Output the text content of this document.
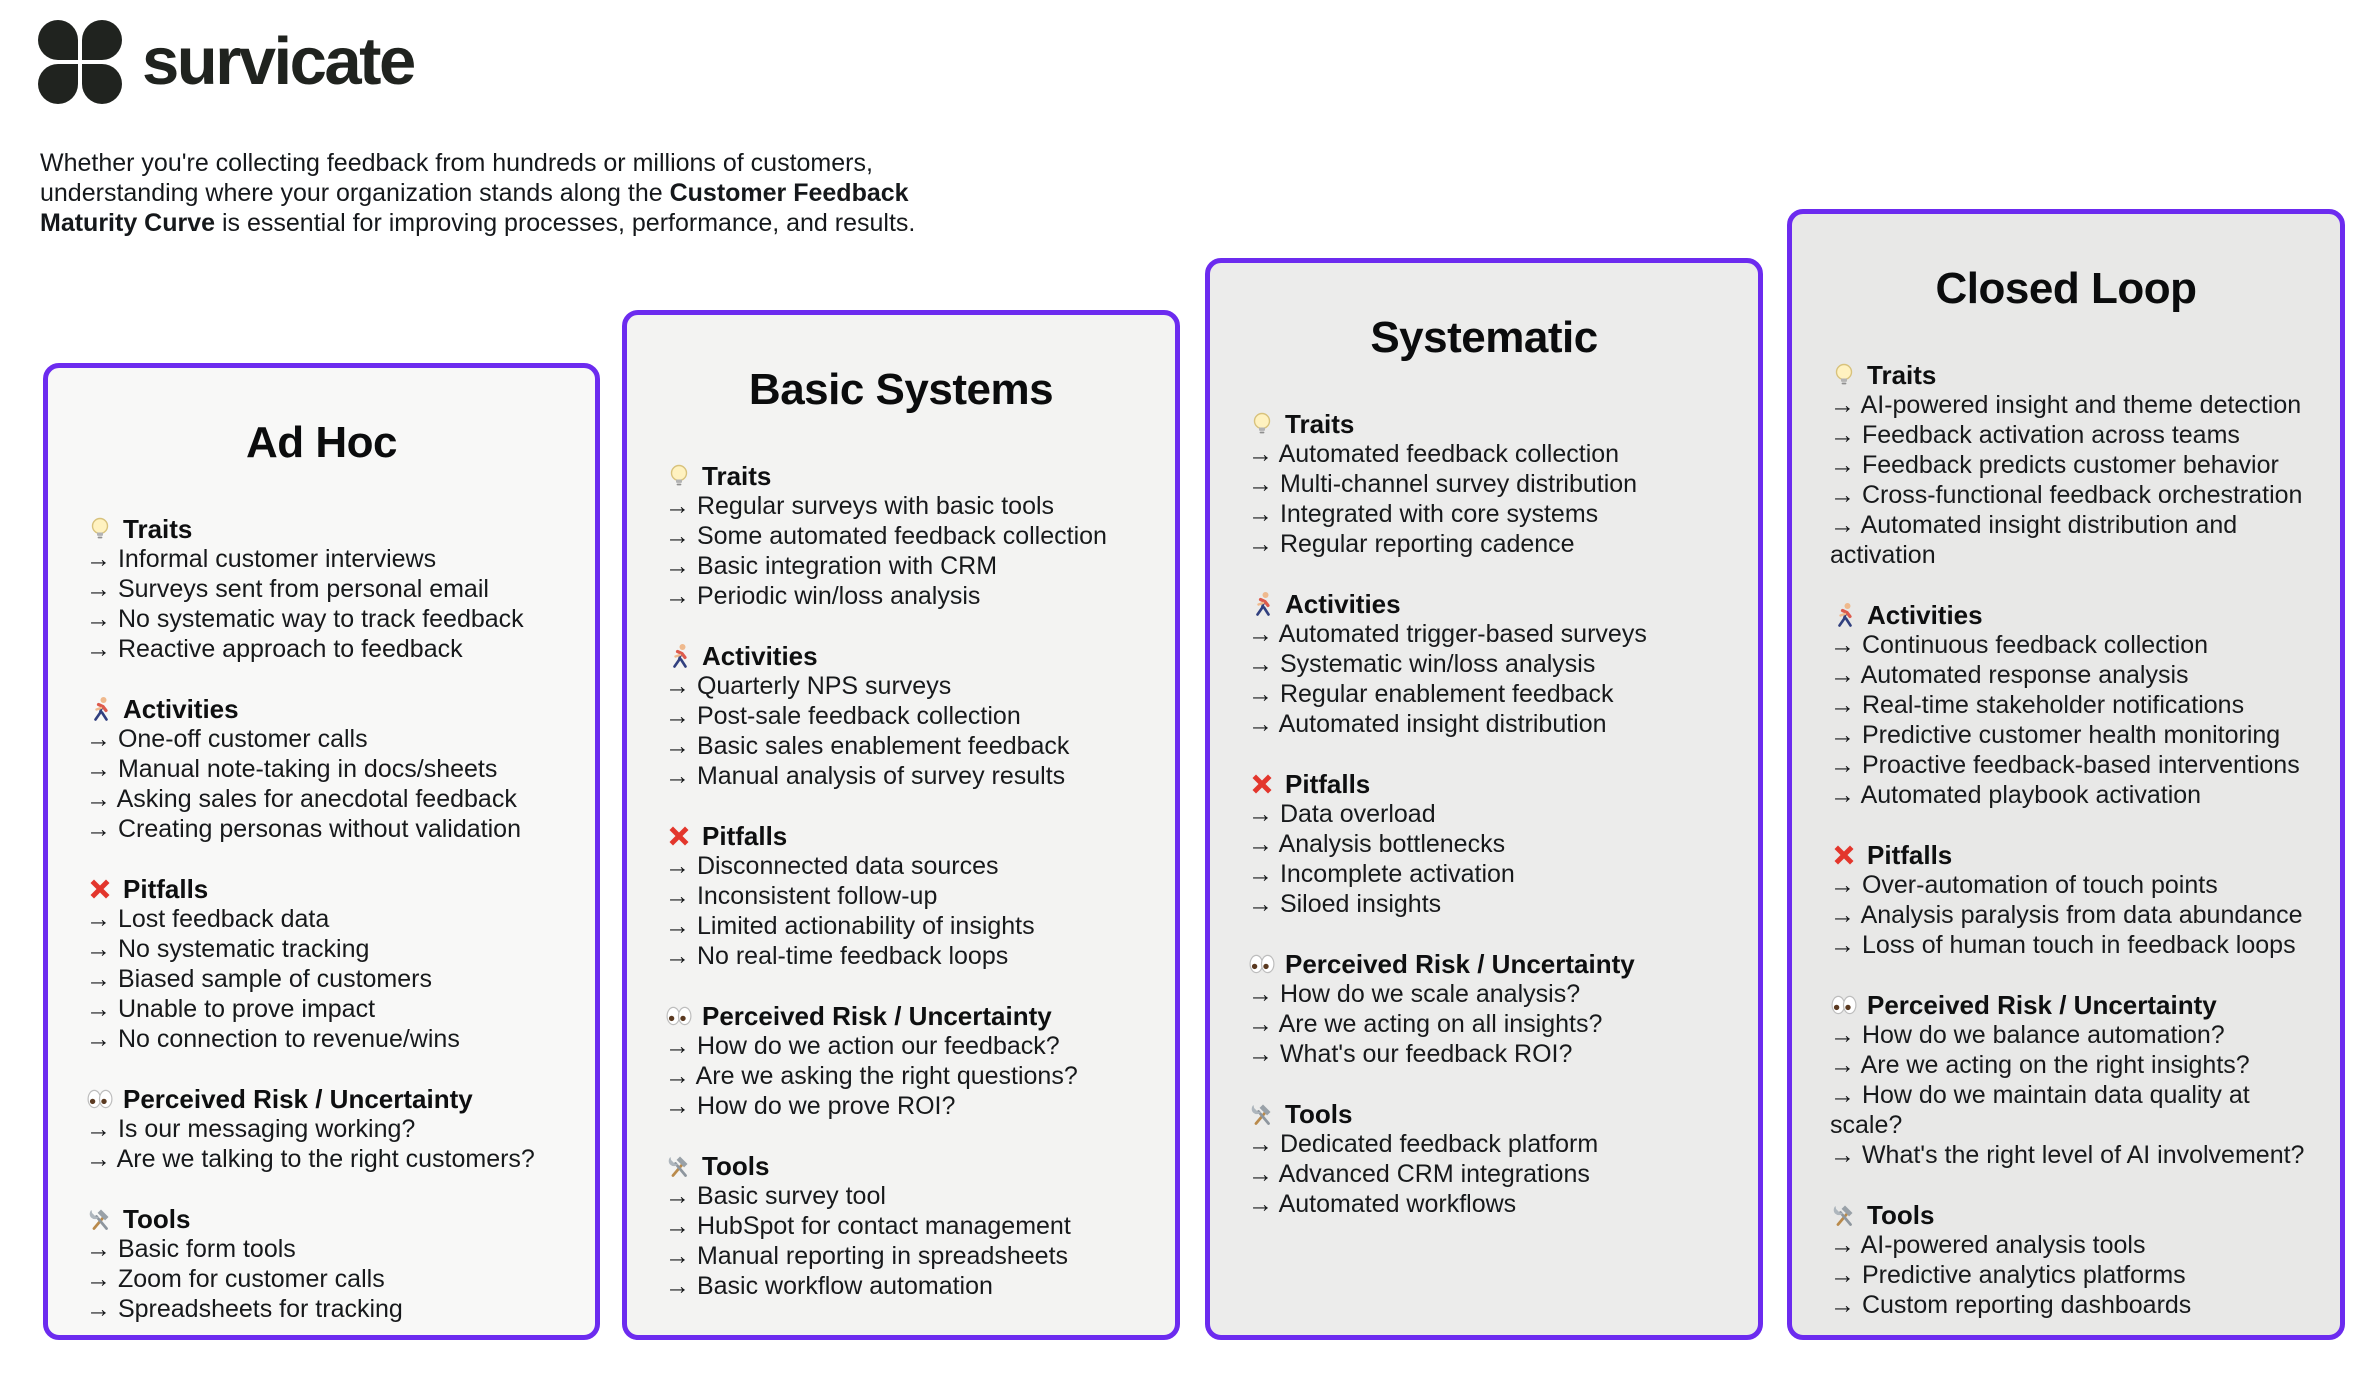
survicate

Whether you're collecting feedback from hundreds or millions of customers, understanding where your organization stands along the Customer Feedback Maturity Curve is essential for improving processes, performance, and results.

Ad Hoc
Traits
→ Informal customer interviews
→ Surveys sent from personal email
→ No systematic way to track feedback
→ Reactive approach to feedback
Activities
→ One-off customer calls
→ Manual note-taking in docs/sheets
→ Asking sales for anecdotal feedback
→ Creating personas without validation
Pitfalls
→ Lost feedback data
→ No systematic tracking
→ Biased sample of customers
→ Unable to prove impact
→ No connection to revenue/wins
Perceived Risk / Uncertainty
→ Is our messaging working?
→ Are we talking to the right customers?
Tools
→ Basic form tools
→ Zoom for customer calls
→ Spreadsheets for tracking
Basic Systems
Traits
→ Regular surveys with basic tools
→ Some automated feedback collection
→ Basic integration with CRM
→ Periodic win/loss analysis
Activities
→ Quarterly NPS surveys
→ Post-sale feedback collection
→ Basic sales enablement feedback
→ Manual analysis of survey results
Pitfalls
→ Disconnected data sources
→ Inconsistent follow-up
→ Limited actionability of insights
→ No real-time feedback loops
Perceived Risk / Uncertainty
→ How do we action our feedback?
→ Are we asking the right questions?
→ How do we prove ROI?
Tools
→ Basic survey tool
→ HubSpot for contact management
→ Manual reporting in spreadsheets
→ Basic workflow automation
Systematic
Traits
→ Automated feedback collection
→ Multi-channel survey distribution
→ Integrated with core systems
→ Regular reporting cadence
Activities
→ Automated trigger-based surveys
→ Systematic win/loss analysis
→ Regular enablement feedback
→ Automated insight distribution
Pitfalls
→ Data overload
→ Analysis bottlenecks
→ Incomplete activation
→ Siloed insights
Perceived Risk / Uncertainty
→ How do we scale analysis?
→ Are we acting on all insights?
→ What's our feedback ROI?
Tools
→ Dedicated feedback platform
→ Advanced CRM integrations
→ Automated workflows
Closed Loop
Traits
→ AI-powered insight and theme detection
→ Feedback activation across teams
→ Feedback predicts customer behavior
→ Cross-functional feedback orchestration
→ Automated insight distribution and activation
Activities
→ Continuous feedback collection
→ Automated response analysis
→ Real-time stakeholder notifications
→ Predictive customer health monitoring
→ Proactive feedback-based interventions
→ Automated playbook activation
Pitfalls
→ Over-automation of touch points
→ Analysis paralysis from data abundance
→ Loss of human touch in feedback loops
Perceived Risk / Uncertainty
→ How do we balance automation?
→ Are we acting on the right insights?
→ How do we maintain data quality at scale?
→ What's the right level of AI involvement?
Tools
→ AI-powered analysis tools
→ Predictive analytics platforms
→ Custom reporting dashboards
